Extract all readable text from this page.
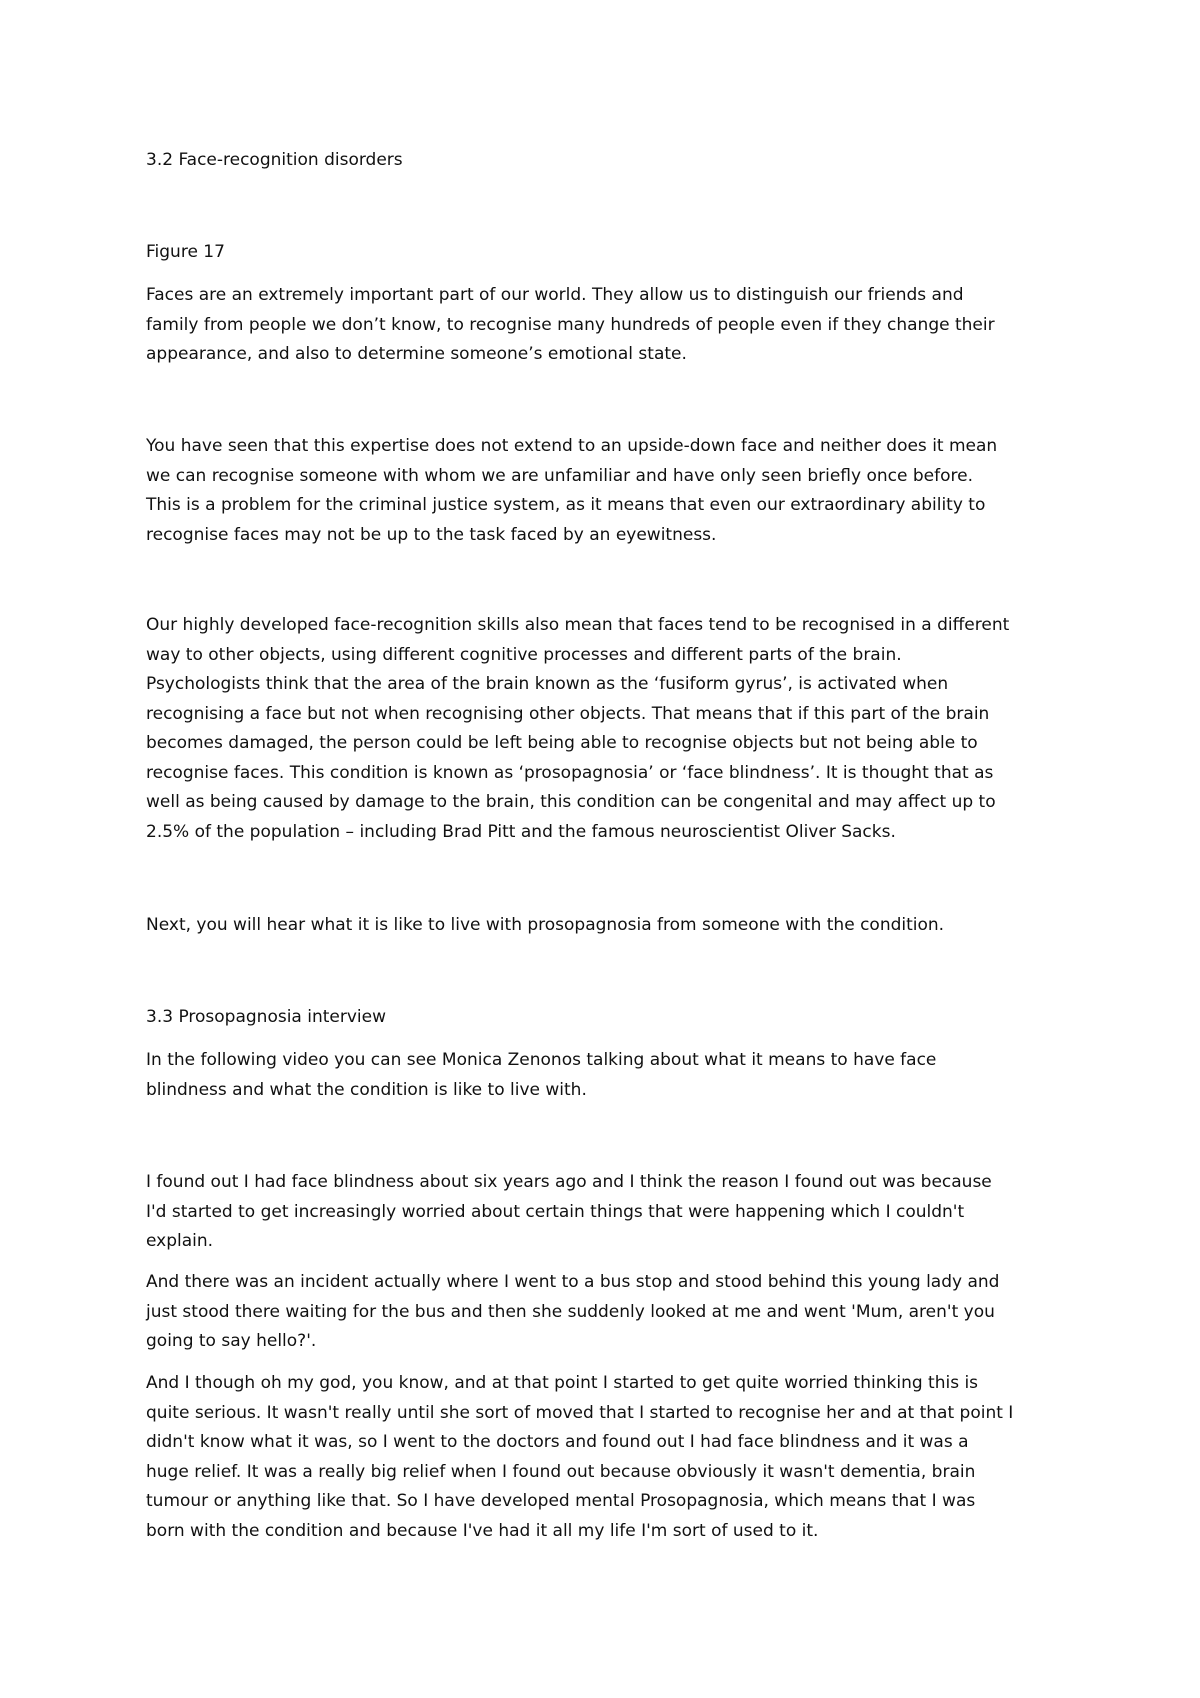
3.2 Face-recognition disorders

Figure 17

Faces are an extremely important part of our world. They allow us to distinguish our friends and
family from people we don’t know, to recognise many hundreds of people even if they change their
appearance, and also to determine someone’s emotional state.

You have seen that this expertise does not extend to an upside-down face and neither does it mean
we can recognise someone with whom we are unfamiliar and have only seen briefly once before.
This is a problem for the criminal justice system, as it means that even our extraordinary ability to
recognise faces may not be up to the task faced by an eyewitness.

Our highly developed face-recognition skills also mean that faces tend to be recognised in a different
way to other objects, using different cognitive processes and different parts of the brain.
Psychologists think that the area of the brain known as the ‘fusiform gyrus’, is activated when
recognising a face but not when recognising other objects. That means that if this part of the brain
becomes damaged, the person could be left being able to recognise objects but not being able to
recognise faces. This condition is known as ‘prosopagnosia’ or ‘face blindness’. It is thought that as
well as being caused by damage to the brain, this condition can be congenital and may affect up to
2.5% of the population – including Brad Pitt and the famous neuroscientist Oliver Sacks.

Next, you will hear what it is like to live with prosopagnosia from someone with the condition.

3.3 Prosopagnosia interview

In the following video you can see Monica Zenonos talking about what it means to have face
blindness and what the condition is like to live with.

I found out I had face blindness about six years ago and I think the reason I found out was because
I'd started to get increasingly worried about certain things that were happening which I couldn't
explain.

And there was an incident actually where I went to a bus stop and stood behind this young lady and
just stood there waiting for the bus and then she suddenly looked at me and went 'Mum, aren't you
going to say hello?'.

And I though oh my god, you know, and at that point I started to get quite worried thinking this is
quite serious. It wasn't really until she sort of moved that I started to recognise her and at that point I
didn't know what it was, so I went to the doctors and found out I had face blindness and it was a
huge relief. It was a really big relief when I found out because obviously it wasn't dementia, brain
tumour or anything like that. So I have developed mental Prosopagnosia, which means that I was
born with the condition and because I've had it all my life I'm sort of used to it.
